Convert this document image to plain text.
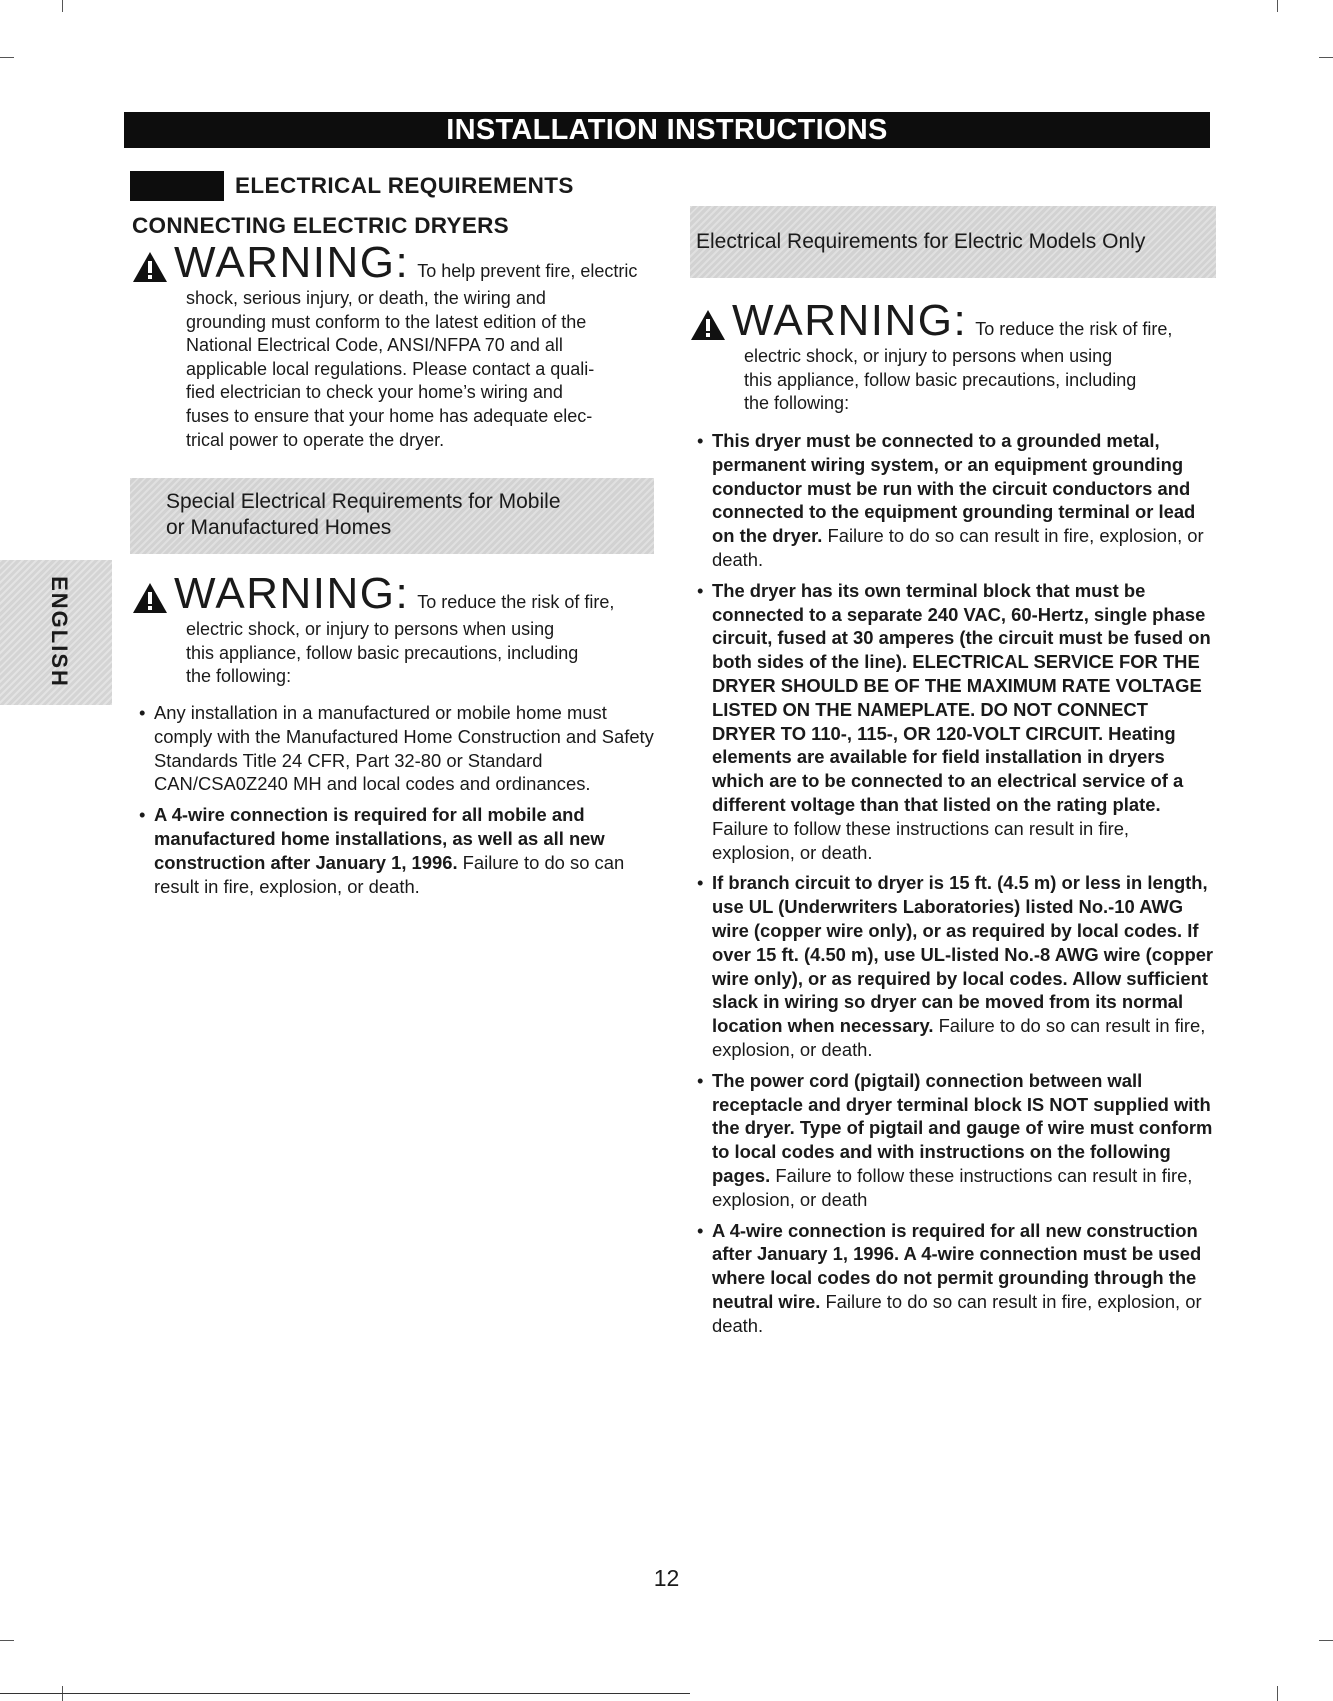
INSTALLATION INSTRUCTIONS
ELECTRICAL REQUIREMENTS
CONNECTING ELECTRIC DRYERS
WARNING: To help prevent fire, electric
shock, serious injury, or death, the wiring and
grounding must conform to the latest edition of the
National Electrical Code, ANSI/NFPA 70 and all
applicable local regulations. Please contact a quali-
fied electrician to check your home’s wiring and
fuses to ensure that your home has adequate elec-
trical power to operate the dryer.
Special Electrical Requirements for Mobile
or Manufactured Homes
WARNING: To reduce the risk of fire,
electric shock, or injury to persons when using
this appliance, follow basic precautions, including
the following:
• Any installation in a manufactured or mobile home must comply with the Manufactured Home Construction and Safety Standards Title 24 CFR, Part 32-80 or Standard CAN/CSA0Z240 MH and local codes and ordinances.
• A 4-wire connection is required for all mobile and manufactured home installations, as well as all new construction after January 1, 1996. Failure to do so can result in fire, explosion, or death.
Electrical Requirements for Electric Models Only
WARNING: To reduce the risk of fire,
electric shock, or injury to persons when using
this appliance, follow basic precautions, including
the following:
• This dryer must be connected to a grounded metal, permanent wiring system, or an equipment grounding conductor must be run with the circuit conductors and connected to the equipment grounding terminal or lead on the dryer. Failure to do so can result in fire, explosion, or death.
• The dryer has its own terminal block that must be connected to a separate 240 VAC, 60-Hertz, single phase circuit, fused at 30 amperes (the circuit must be fused on both sides of the line). ELECTRICAL SERVICE FOR THE DRYER SHOULD BE OF THE MAXIMUM RATE VOLTAGE LISTED ON THE NAMEPLATE. DO NOT CONNECT DRYER TO 110-, 115-, OR 120-VOLT CIRCUIT. Heating elements are available for field installation in dryers which are to be connected to an electrical service of a different voltage than that listed on the rating plate. Failure to follow these instructions can result in fire, explosion, or death.
• If branch circuit to dryer is 15 ft. (4.5 m) or less in length, use UL (Underwriters Laboratories) listed No.-10 AWG wire (copper wire only), or as required by local codes. If over 15 ft. (4.50 m), use UL-listed No.-8 AWG wire (copper wire only), or as required by local codes. Allow sufficient slack in wiring so dryer can be moved from its normal location when necessary. Failure to do so can result in fire, explosion, or death.
• The power cord (pigtail) connection between wall receptacle and dryer terminal block IS NOT supplied with the dryer. Type of pigtail and gauge of wire must conform to local codes and with instructions on the following pages. Failure to follow these instructions can result in fire, explosion, or death
• A 4-wire connection is required for all new construction after January 1, 1996. A 4-wire connection must be used where local codes do not permit grounding through the neutral wire. Failure to do so can result in fire, explosion, or death.
ENGLISH
12
